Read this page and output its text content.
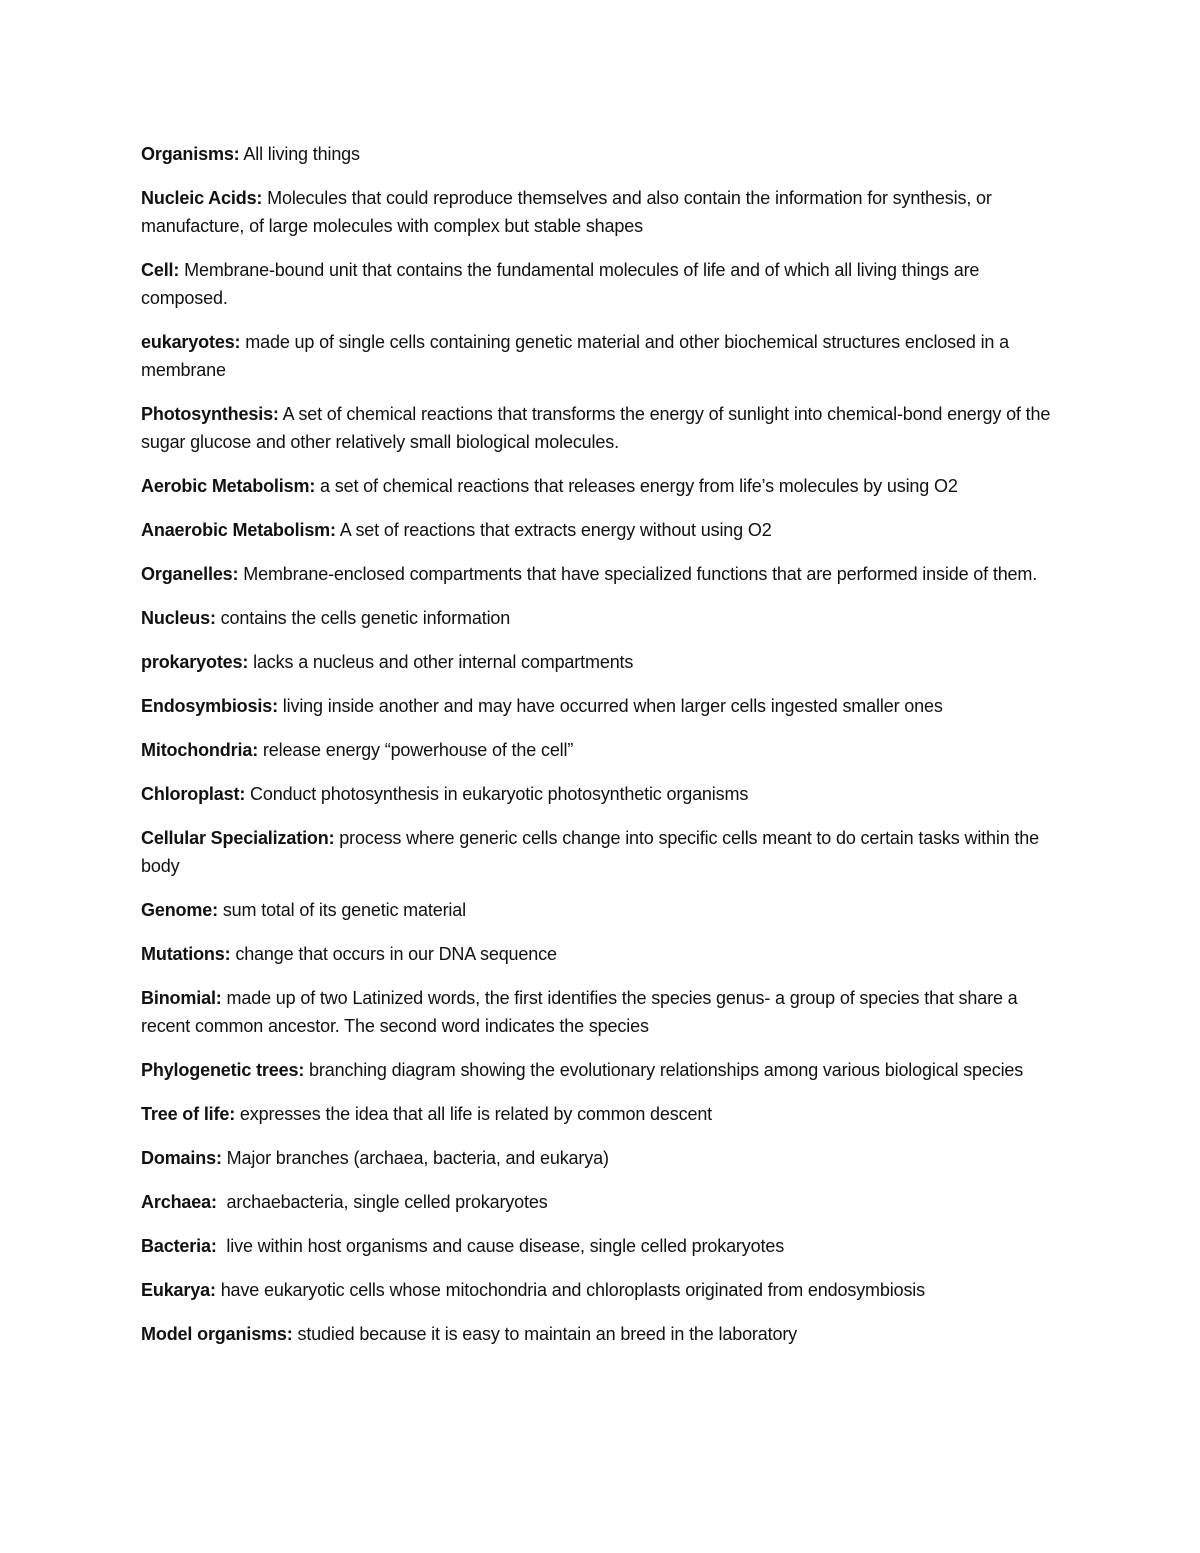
Organisms: All living things

Nucleic Acids: Molecules that could reproduce themselves and also contain the information for synthesis, or manufacture, of large molecules with complex but stable shapes

Cell: Membrane-bound unit that contains the fundamental molecules of life and of which all living things are composed.

eukaryotes: made up of single cells containing genetic material and other biochemical structures enclosed in a membrane

Photosynthesis: A set of chemical reactions that transforms the energy of sunlight into chemical-bond energy of the sugar glucose and other relatively small biological molecules.

Aerobic Metabolism: a set of chemical reactions that releases energy from life’s molecules by using O2

Anaerobic Metabolism: A set of reactions that extracts energy without using O2

Organelles: Membrane-enclosed compartments that have specialized functions that are performed inside of them.

Nucleus: contains the cells genetic information

prokaryotes: lacks a nucleus and other internal compartments

Endosymbiosis: living inside another and may have occurred when larger cells ingested smaller ones

Mitochondria: release energy “powerhouse of the cell”

Chloroplast: Conduct photosynthesis in eukaryotic photosynthetic organisms

Cellular Specialization: process where generic cells change into specific cells meant to do certain tasks within the body

Genome: sum total of its genetic material

Mutations: change that occurs in our DNA sequence

Binomial: made up of two Latinized words, the first identifies the species genus- a group of species that share a recent common ancestor. The second word indicates the species

Phylogenetic trees: branching diagram showing the evolutionary relationships among various biological species

Tree of life: expresses the idea that all life is related by common descent

Domains: Major branches (archaea, bacteria, and eukarya)

Archaea:  archaebacteria, single celled prokaryotes

Bacteria:  live within host organisms and cause disease, single celled prokaryotes

Eukarya: have eukaryotic cells whose mitochondria and chloroplasts originated from endosymbiosis

Model organisms: studied because it is easy to maintain an breed in the laboratory
